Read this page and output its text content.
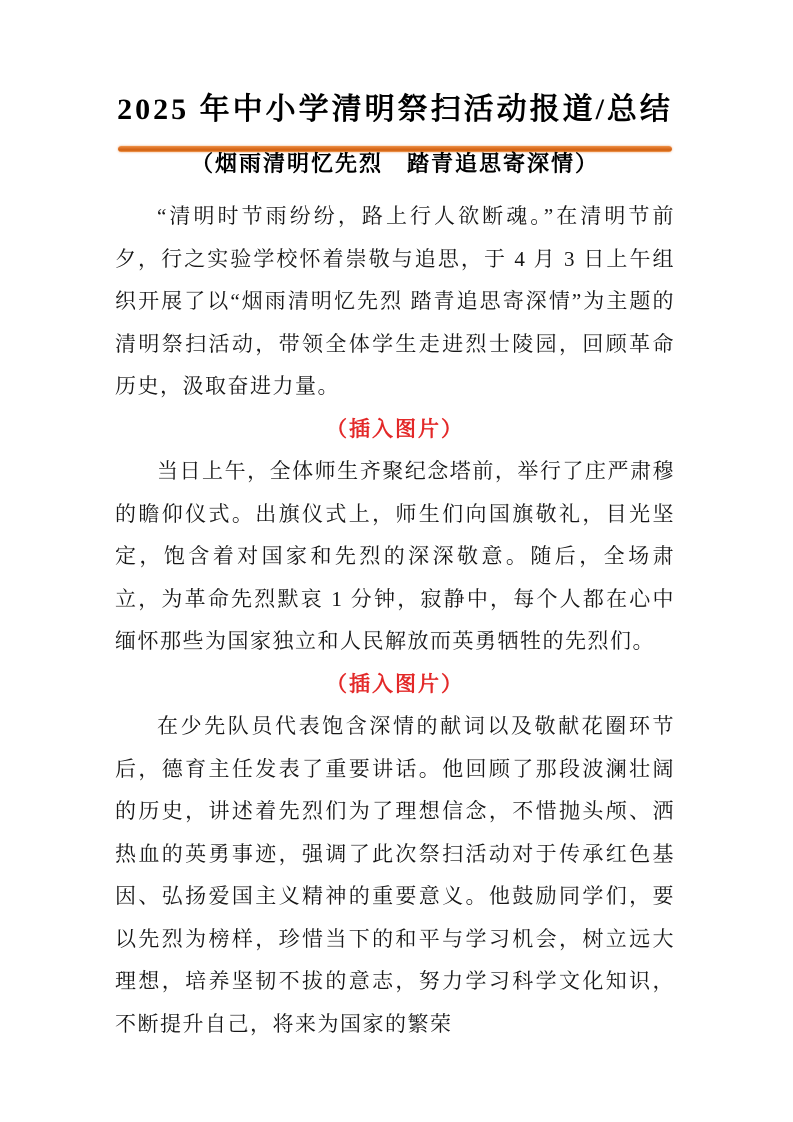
2025 年中小学清明祭扫活动报道/总结
（烟雨清明忆先烈　踏青追思寄深情）

“清明时节雨纷纷，路上行人欲断魂。”在清明节前夕，行之实验学校怀着崇敬与追思，于 4 月 3 日上午组织开展了以“烟雨清明忆先烈 踏青追思寄深情”为主题的清明祭扫活动，带领全体学生走进烈士陵园，回顾革命历史，汲取奋进力量。

（插入图片）

当日上午，全体师生齐聚纪念塔前，举行了庄严肃穆的瞻仰仪式。出旗仪式上，师生们向国旗敬礼，目光坚定，饱含着对国家和先烈的深深敬意。随后，全场肃立，为革命先烈默哀 1 分钟，寂静中，每个人都在心中缅怀那些为国家独立和人民解放而英勇牺牲的先烈们。

（插入图片）

在少先队员代表饱含深情的献词以及敬献花圈环节后，德育主任发表了重要讲话。他回顾了那段波澜壮阔的历史，讲述着先烈们为了理想信念，不惜抛头颅、洒热血的英勇事迹，强调了此次祭扫活动对于传承红色基因、弘扬爱国主义精神的重要意义。他鼓励同学们，要以先烈为榜样，珍惜当下的和平与学习机会，树立远大理想，培养坚韧不拔的意志，努力学习科学文化知识，不断提升自己，将来为国家的繁荣
